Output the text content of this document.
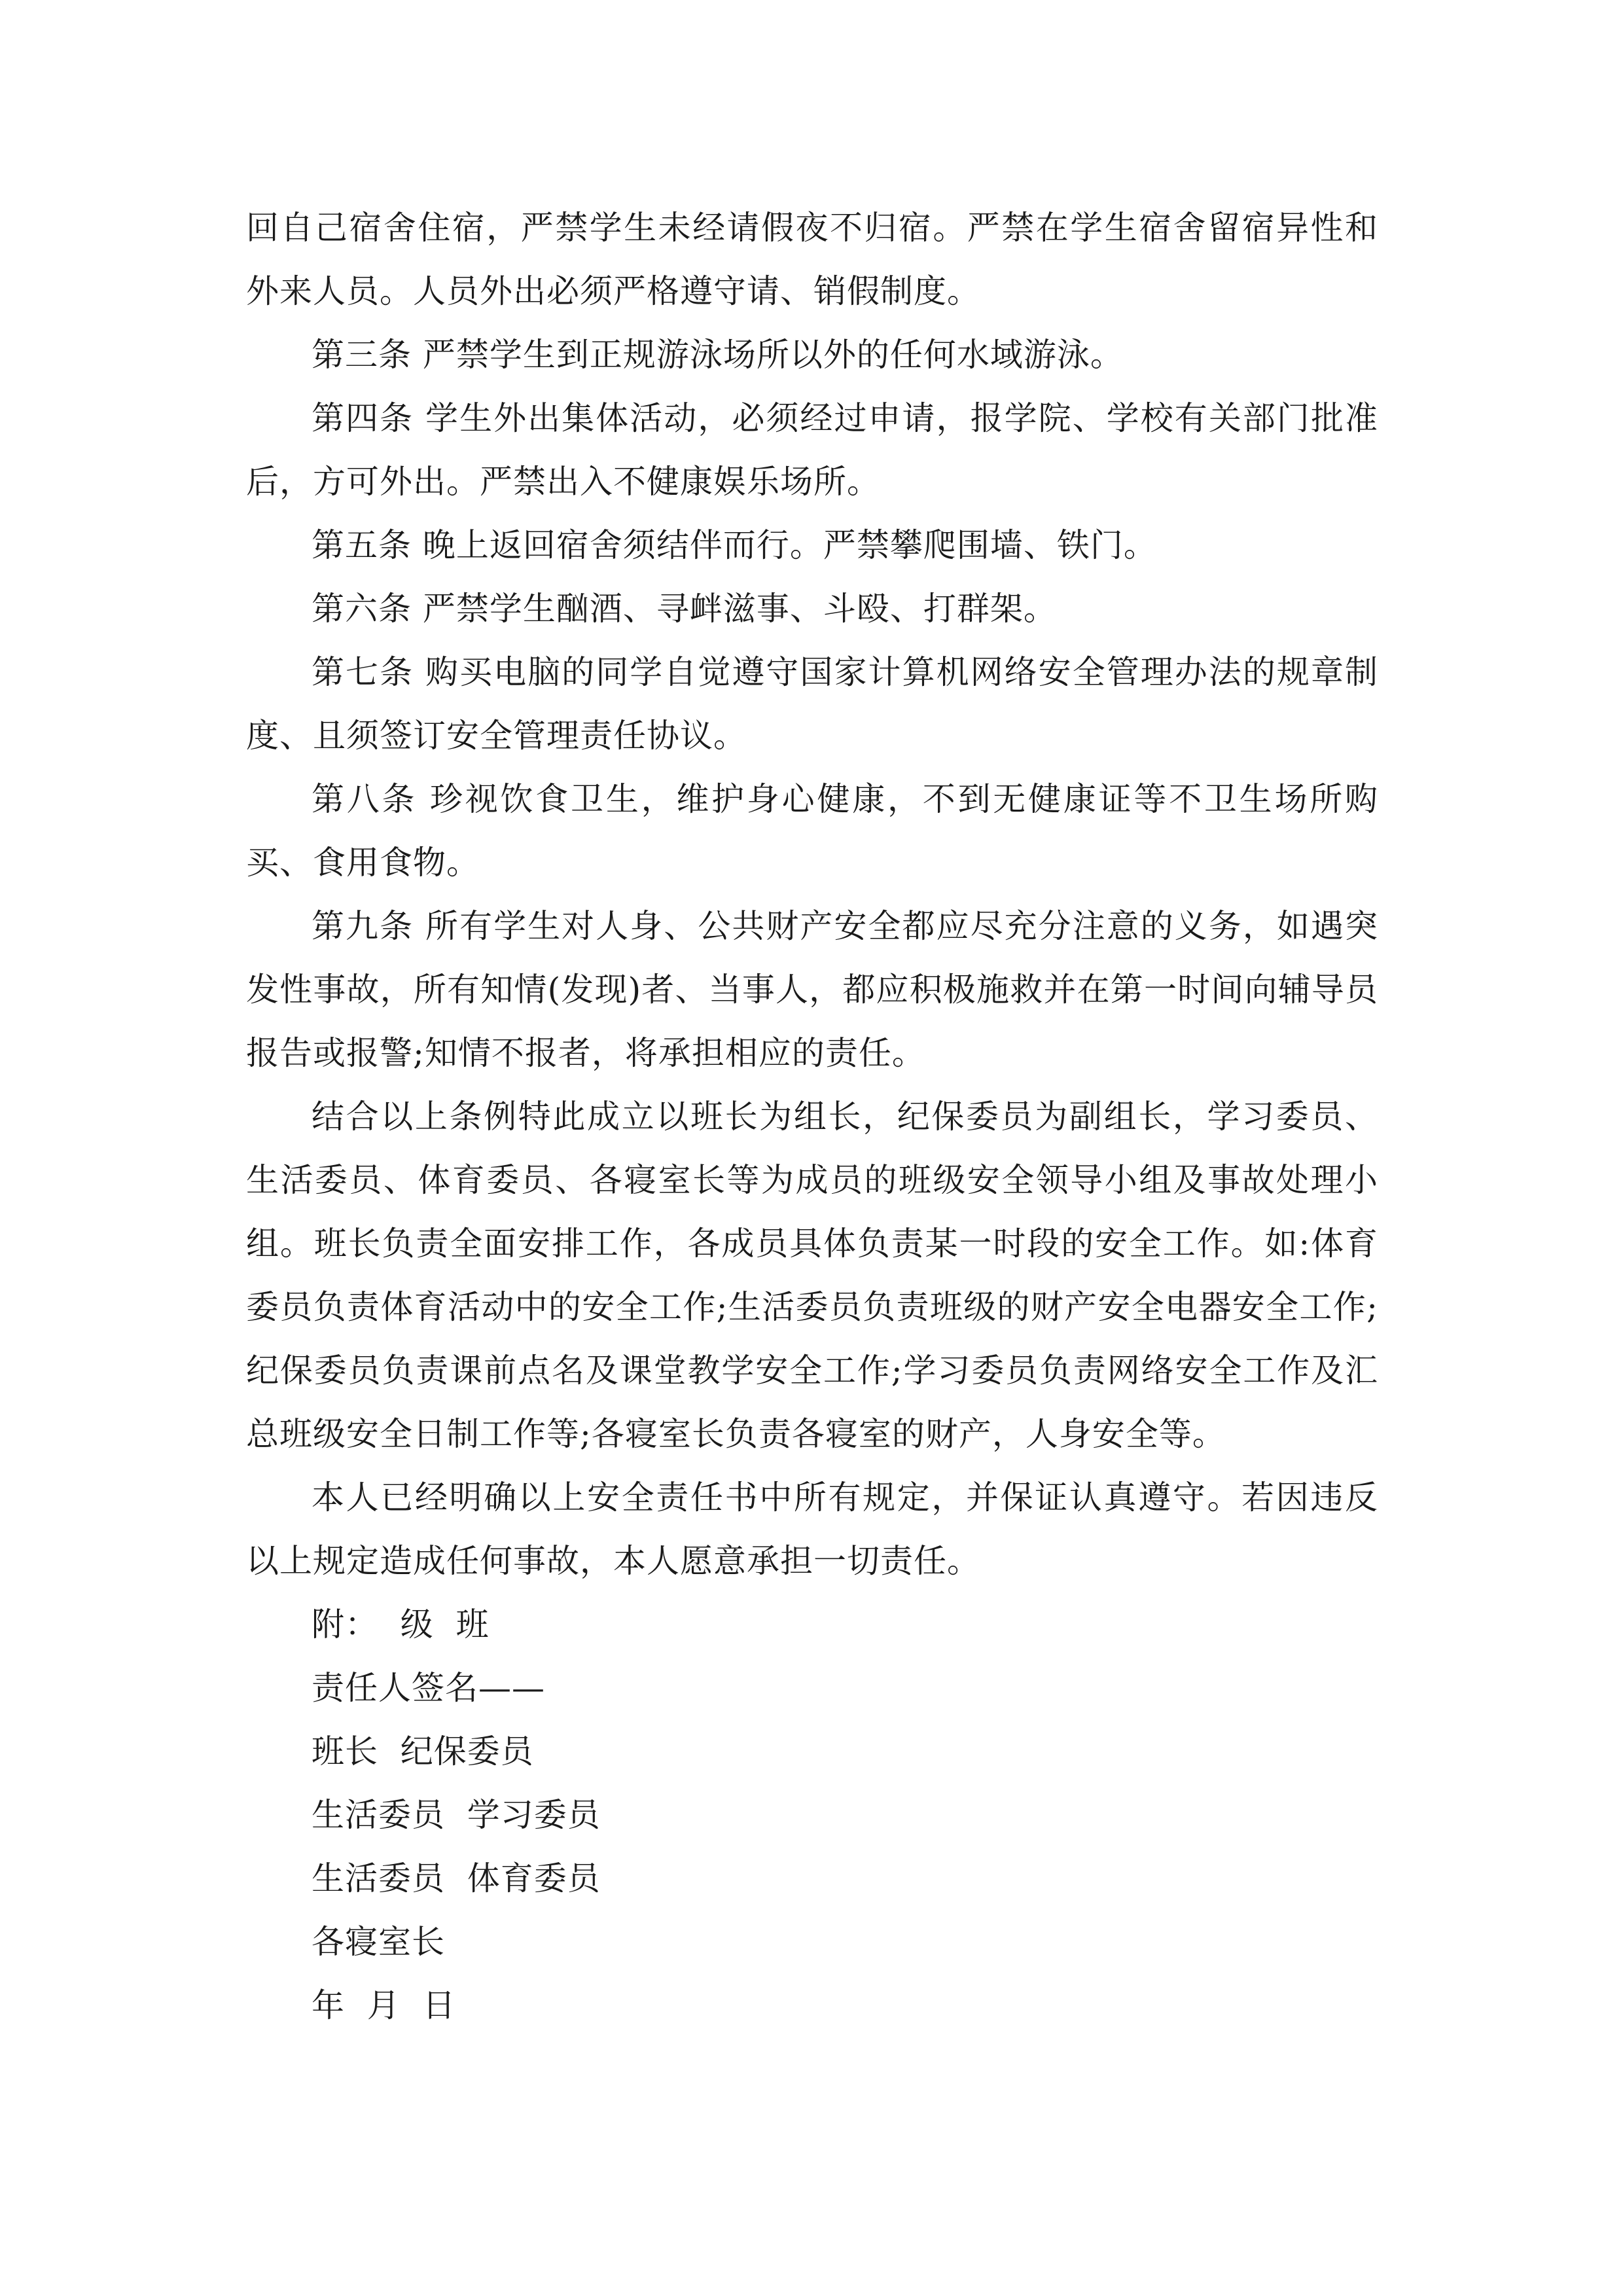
回自己宿舍住宿，严禁学生未经请假夜不归宿。严禁在学生宿舍留宿异性和外来人员。人员外出必须严格遵守请、销假制度。

第三条 严禁学生到正规游泳场所以外的任何水域游泳。

第四条 学生外出集体活动，必须经过申请，报学院、学校有关部门批准后，方可外出。严禁出入不健康娱乐场所。

第五条 晚上返回宿舍须结伴而行。严禁攀爬围墙、铁门。

第六条 严禁学生酗酒、寻衅滋事、斗殴、打群架。

第七条 购买电脑的同学自觉遵守国家计算机网络安全管理办法的规章制度、且须签订安全管理责任协议。

第八条 珍视饮食卫生，维护身心健康，不到无健康证等不卫生场所购买、食用食物。

第九条 所有学生对人身、公共财产安全都应尽充分注意的义务，如遇突发性事故，所有知情(发现)者、当事人，都应积极施救并在第一时间向辅导员报告或报警;知情不报者，将承担相应的责任。

结合以上条例特此成立以班长为组长，纪保委员为副组长，学习委员、生活委员、体育委员、各寝室长等为成员的班级安全领导小组及事故处理小组。班长负责全面安排工作，各成员具体负责某一时段的安全工作。如:体育委员负责体育活动中的安全工作;生活委员负责班级的财产安全电器安全工作;纪保委员负责课前点名及课堂教学安全工作;学习委员负责网络安全工作及汇总班级安全日制工作等;各寝室长负责各寝室的财产，人身安全等。

本人已经明确以上安全责任书中所有规定，并保证认真遵守。若因违反以上规定造成任何事故，本人愿意承担一切责任。

附：  级  班

责任人签名——

班长  纪保委员

生活委员  学习委员

生活委员  体育委员

各寝室长

年  月  日
